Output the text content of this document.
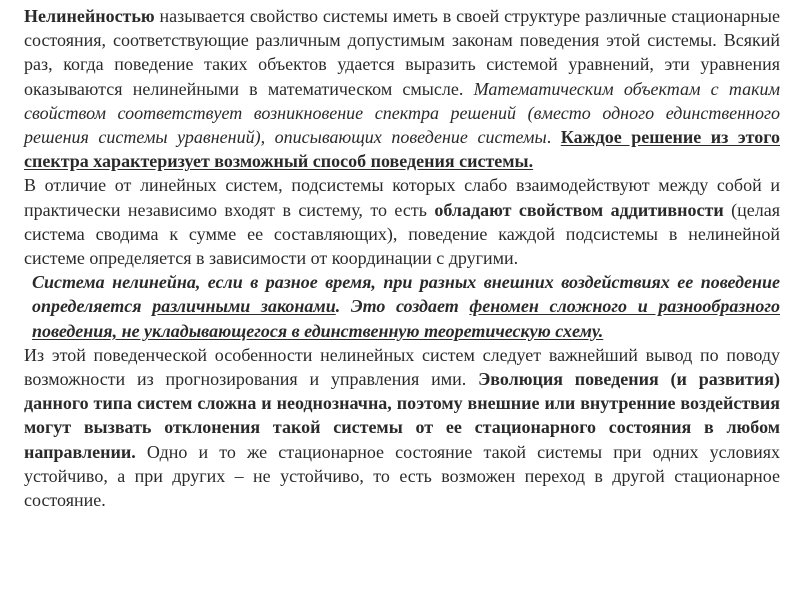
Нелинейностью называется свойство системы иметь в своей структуре различные стационарные состояния, соответствующие различным допустимым законам поведения этой системы. Всякий раз, когда поведение таких объектов удается выразить системой уравнений, эти уравнения оказываются нелинейными в математическом смысле. Математическим объектам с таким свойством соответствует возникновение спектра решений (вместо одного единственного решения системы уравнений), описывающих поведение системы. Каждое решение из этого спектра характеризует возможный способ поведения системы.

В отличие от линейных систем, подсистемы которых слабо взаимодействуют между собой и практически независимо входят в систему, то есть обладают свойством аддитивности (целая система сводима к сумме ее составляющих), поведение каждой подсистемы в нелинейной системе определяется в зависимости от координации с другими.

Система нелинейна, если в разное время, при разных внешних воздействиях ее поведение определяется различными законами. Это создает феномен сложного и разнообразного поведения, не укладывающегося в единственную теоретическую схему.

Из этой поведенческой особенности нелинейных систем следует важнейший вывод по поводу возможности из прогнозирования и управления ими. Эволюция поведения (и развития) данного типа систем сложна и неоднозначна, поэтому внешние или внутренние воздействия могут вызвать отклонения такой системы от ее стационарного состояния в любом направлении. Одно и то же стационарное состояние такой системы при одних условиях устойчиво, а при других – не устойчиво, то есть возможен переход в другой стационарное состояние.
